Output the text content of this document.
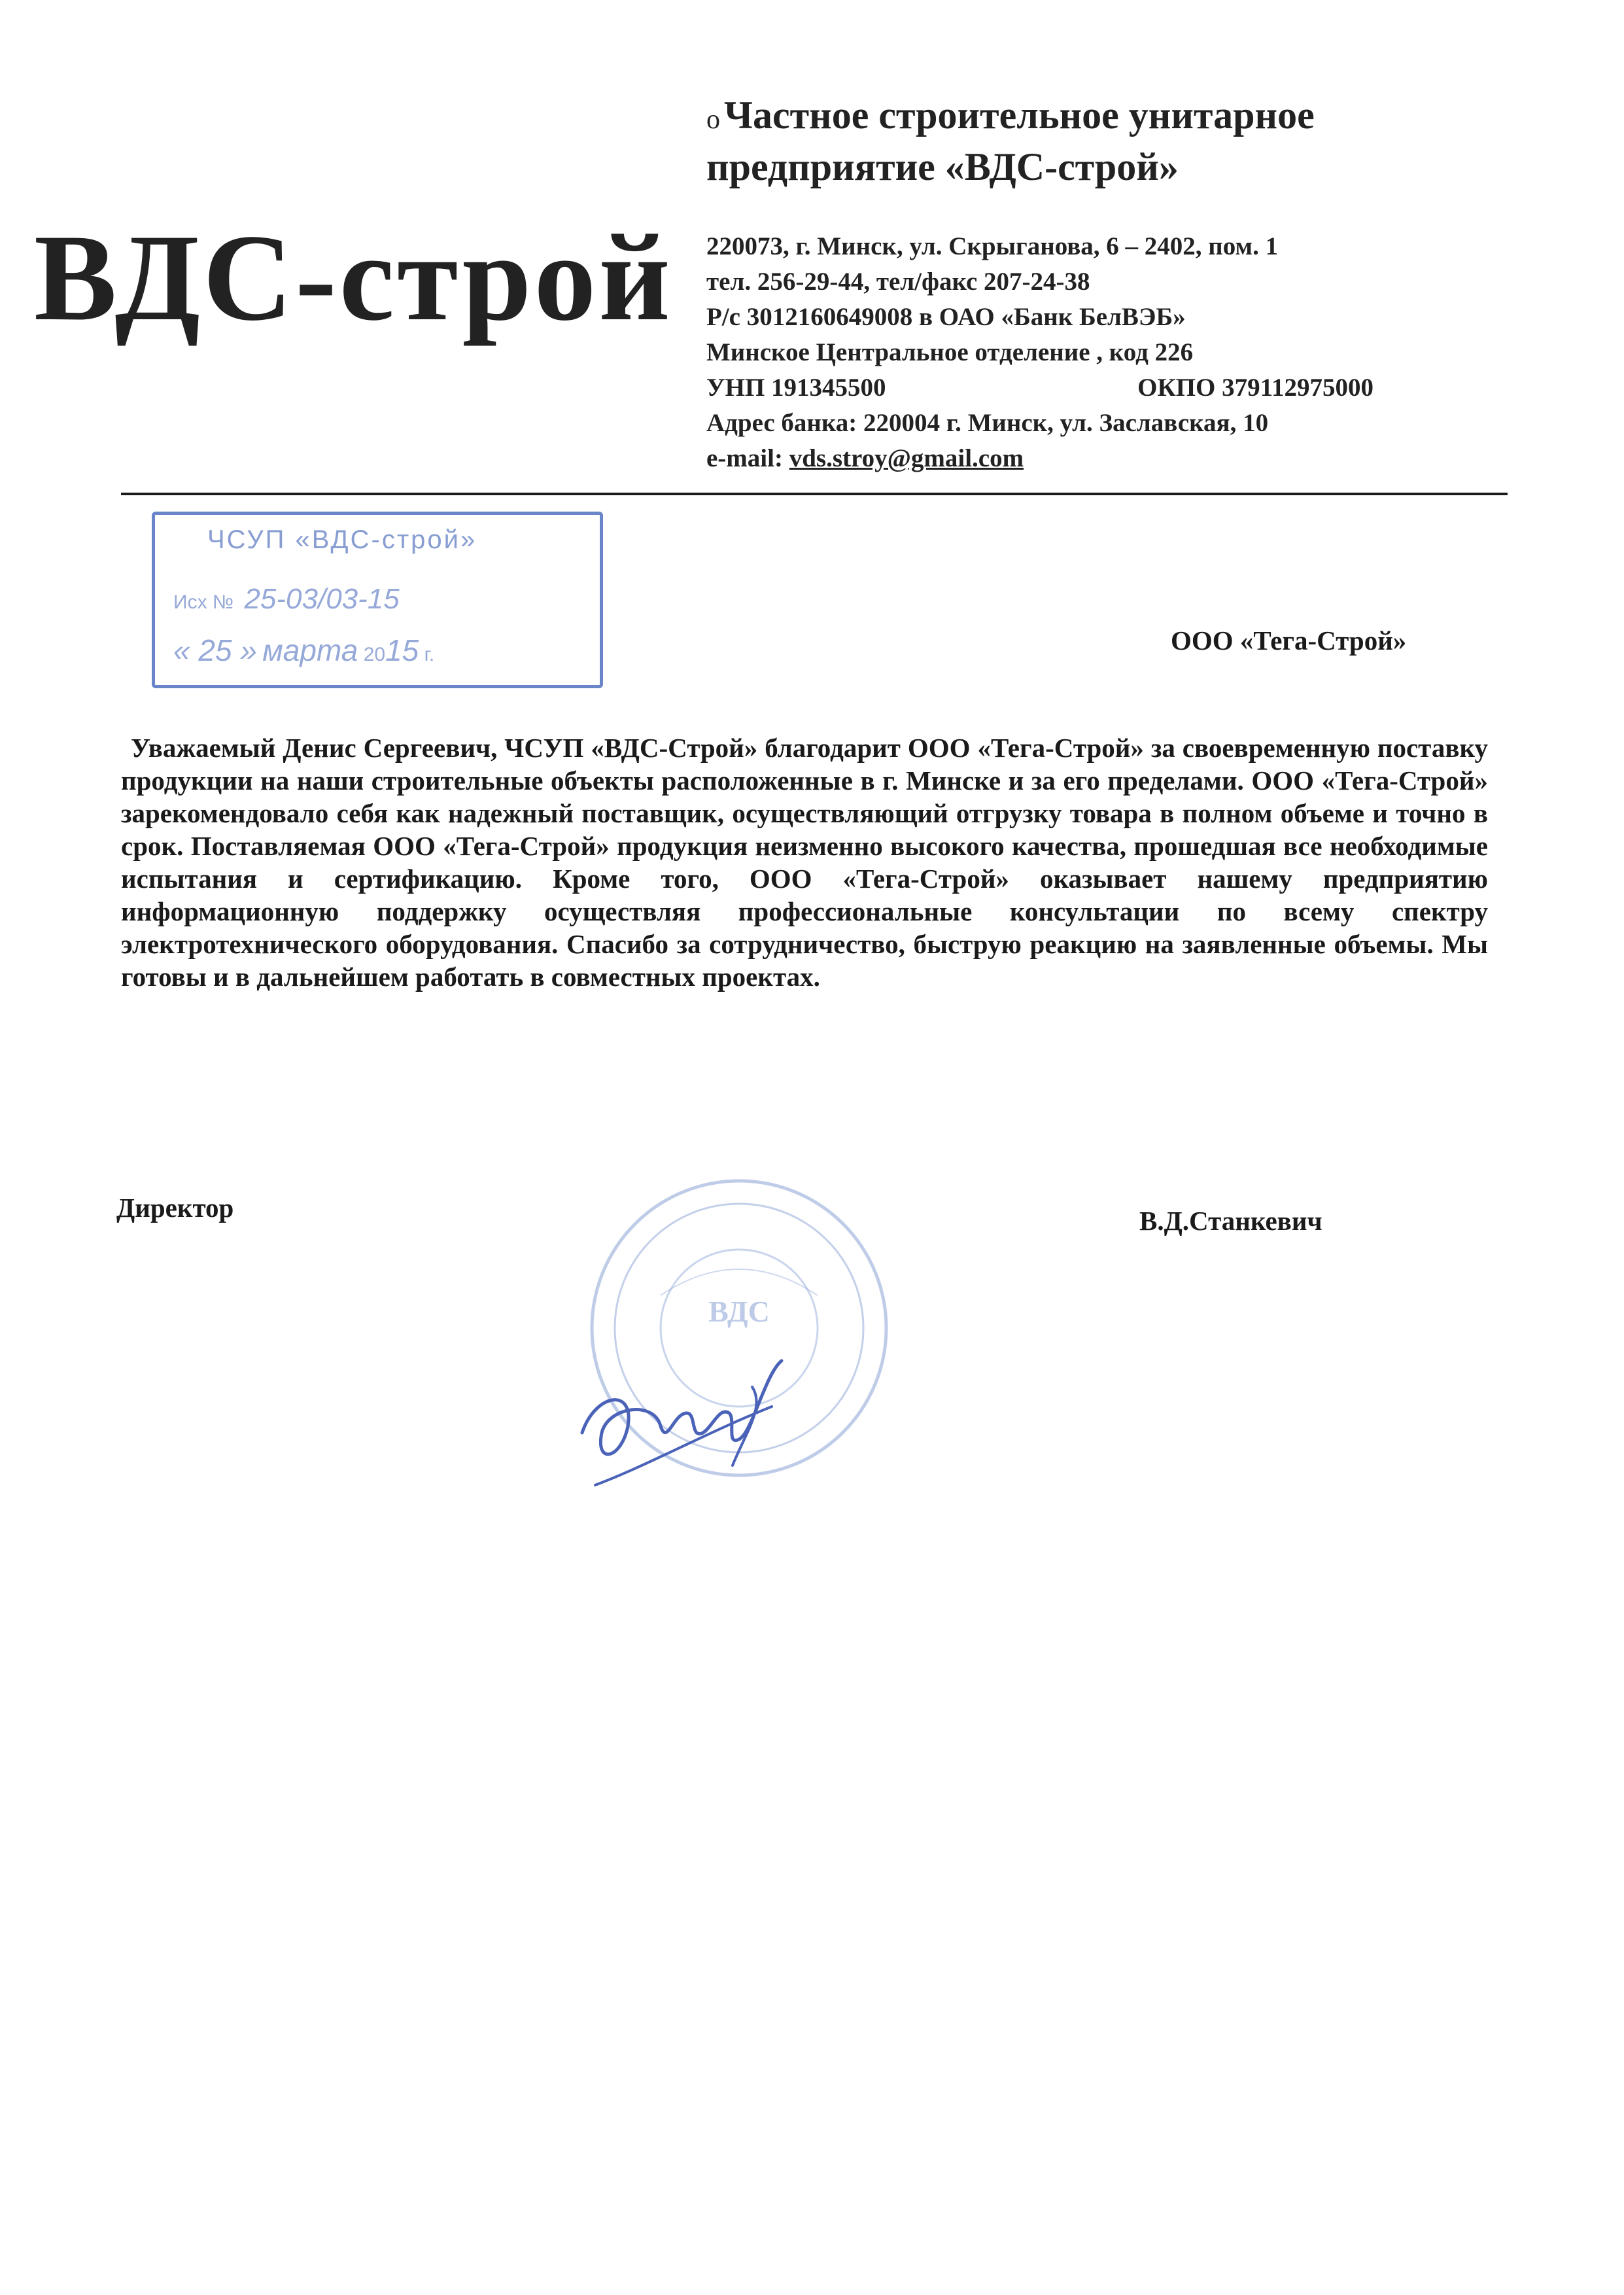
ВДС-строй
o Частное строительное унитарное
предприятие «ВДС-строй»
220073, г. Минск, ул. Скрыганова, 6 – 2402, пом. 1
тел. 256-29-44, тел/факс 207-24-38
Р/с 3012160649008 в ОАО «Банк БелВЭБ»
Минское Центральное отделение , код 226
УНП 191345500	ОКПО 379112975000
Адрес банка: 220004 г. Минск, ул. Заславская, 10
e-mail: vds.stroy@gmail.com
ЧСУП «ВДС-строй»
Исх № 25-03/03-15
« 25 » марта 2015 г.	ООО «Тега-Строй»
Уважаемый Денис Сергеевич, ЧСУП «ВДС-Строй» благодарит ООО «Тега-Строй» за своевременную поставку продукции на наши строительные объекты расположенные в г. Минске и за его пределами. ООО «Тега-Строй» зарекомендовало себя как надежный поставщик, осуществляющий отгрузку товара в полном объеме и точно в срок. Поставляемая ООО «Тега-Строй» продукция неизменно высокого качества, прошедшая все необходимые испытания и сертификацию. Кроме того, ООО «Тега-Строй» оказывает нашему предприятию информационную поддержку осуществляя профессиональные консультации по всему спектру электротехнического оборудования. Спасибо за сотрудничество, быструю реакцию на заявленные объемы. Мы готовы и в дальнейшем работать в совместных проектах.
Директор	В.Д.Станкевич
ВДС
